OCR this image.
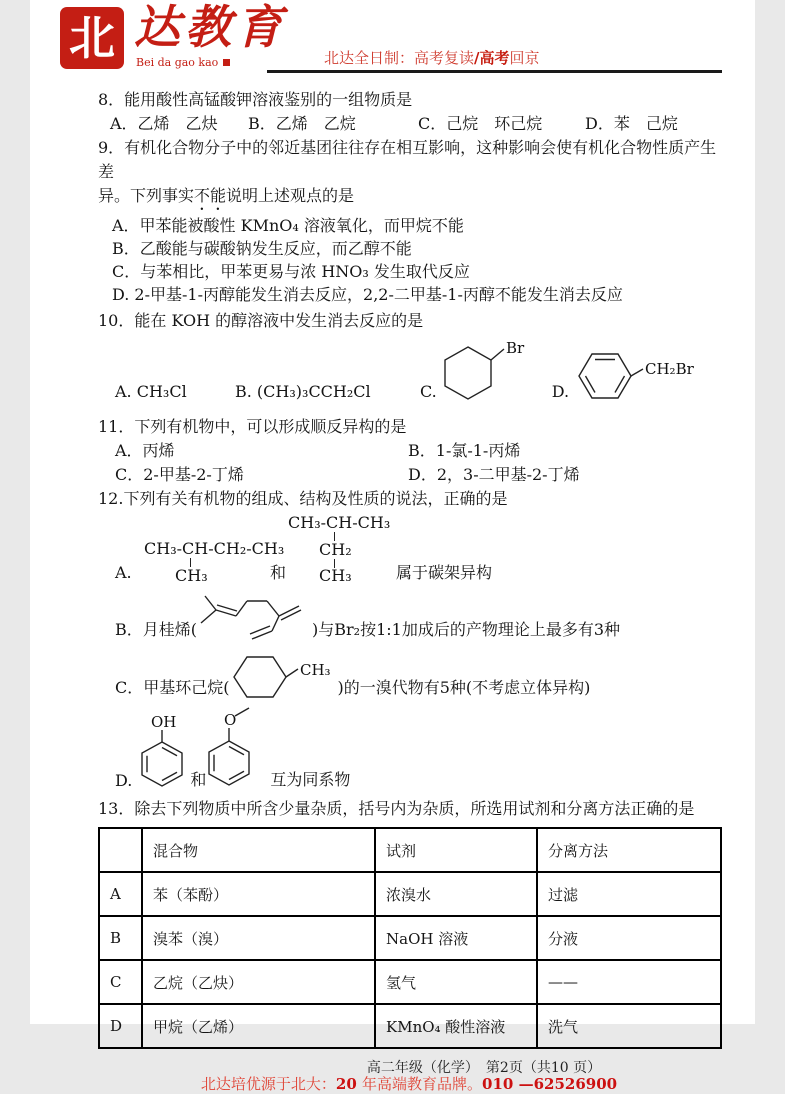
北 达教育
Bei da gao kao	北达全日制：高考复读/高考回京

8．能用酸性高锰酸钾溶液鉴别的一组物质是

A．乙烯　乙炔	B．乙烯　乙烷	C．己烷　环己烷	D．苯　己烷

9．有机化合物分子中的邻近基团往往存在相互影响，这种影响会使有机化合物性质产生差

异。下列事实不能说明上述观点的是

A．甲苯能被酸性 KMnO₄ 溶液氧化，而甲烷不能

B．乙酸能与碳酸钠发生反应，而乙醇不能

C．与苯相比，甲苯更易与浓 HNO₃ 发生取代反应

D. 2-甲基-1-丙醇能发生消去反应，2,2-二甲基-1-丙醇不能发生消去反应

10．能在 KOH 的醇溶液中发生消去反应的是

A. CH₃Cl	B. (CH₃)₃CCH₂Cl	C.
Br
D.
CH₂Br

11．下列有机物中，可以形成顺反异构的是

A．丙烯	B．1-氯-1-丙烯
C．2-甲基-2-丁烯	D．2，3-二甲基-2-丁烯

12.下列有关有机物的组成、结构及性质的说法，正确的是

A.
CH₃-CH-CH₂-CH₃
CH₃	和
CH₃-CH-CH₃
CH₂
CH₃	属于碳架异构
B．月桂烯(	)与Br₂按1:1加成后的产物理论上最多有3种
C．甲基环己烷(
CH₃
)的一溴代物有5种(不考虑立体异构)
D.
OH
和
O
互为同系物

13．除去下列物质中所含少量杂质，括号内为杂质，所选用试剂和分离方法正确的是

	混合物	试剂	分离方法
A	苯（苯酚）	浓溴水	过滤
B	溴苯（溴）	NaOH 溶液	分液
C	乙烷（乙炔）	氢气	——
D	甲烷（乙烯）	KMnO₄ 酸性溶液	洗气
高二年级（化学）　第2页（共10 页）
北达培优源于北大：20 年高端教育品牌。010 —62526900
